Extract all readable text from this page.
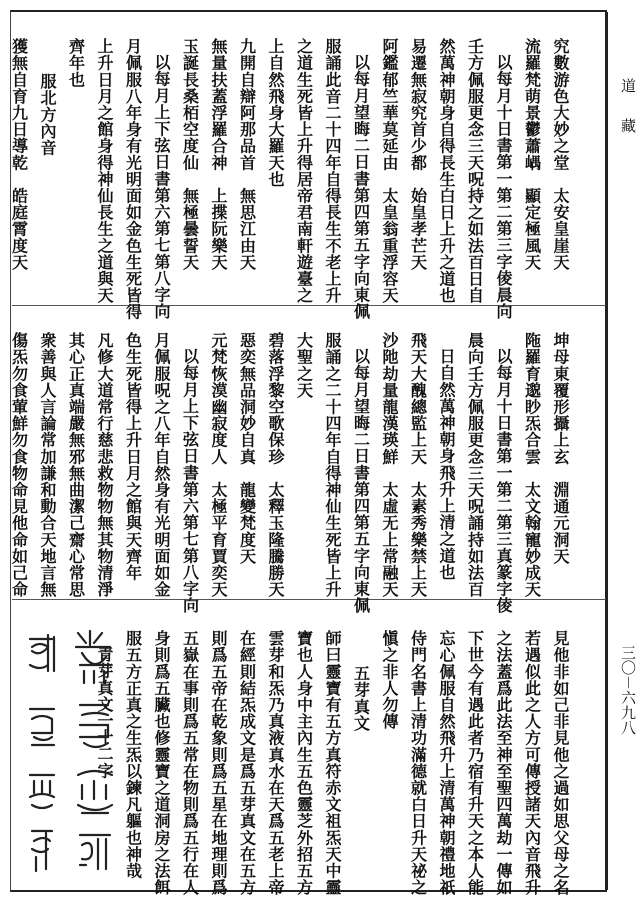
道
藏
三〇－六九八
究數游色大妙之堂　太安皇崖天
流羅梵萌景鬱蕭嵎　顯定極風天
以每月十日書第一第二第三字倰晨向
壬方佩服更念三天呪持之如法百日自
然萬神朝身自得長生白日上升之道也
易遷無寂究首少都　始皇孝芒天
阿鑑郁竺華莫延由　太皇翁重浮容天
以每月望晦二日書第四第五字向東佩
服誦此音二十四年自得長生不老上升
之道生死皆上升得居帝君南軒遊臺之
上自然飛身大羅天也
九開自辯阿那品首　無思江由天
無量扶蓋浮羅合神　上揲阮樂天
玉誕長桑栢空度仙　無極曇誓天
以每月上下弦日書第六第七第八字向
月佩服八年身有光明面如金色生死皆得
上升日月之館身得神仙長生之道與天
齊年也
服北方內音
獲無自育九日導乾　皓庭霄度天
坤母東覆形攝上玄　淵通元洞天
陁羅育邈眇炁合雲　太文翰寵妙成天
以每月十日書第一第二第三真篆字倰
晨向壬方佩服更念三天呪誦持如法百
日自然萬神朝身飛升上清之道也
飛天大醜總監上天　太素秀樂禁上天
沙阤劫量龍漢瑛鮮　太虛无上常融天
以每月望晦二日書第四第五字向東佩
服誦之二十四年自得神仙生死皆上升
大聖之天
碧落浮黎空歌保珍　太釋玉隆騰勝天
惡奕無品洞妙自真　龍變梵度天
元梵恢漠幽寂度人　太極平育賈奕天
以每月上下弦日書第六第七第八字向
月佩服呪之八年自然身有光明面如金
色生死皆得上升日月之館與天齊年
凡修大道常行慈悲救物物無其物清淨
其心正真端嚴無邪無曲潔己齋心常思
衆善與人言論常加謙和動合天地言無
傷炁勿食葷鮮勿食物命見他命如己命
見他非如己非見他之過如思父母之名
若遇似此之人方可傳授諸天內音飛升
之法蓋爲此法至神至聖四萬劫一傳如
下世今有遇此者乃宿有升天之本人能
忘心佩服自然飛升上清萬神朝禮地祇
侍門名書上清功滿德就白日升天祕之
愼之非人勿傳
五芽真文
師曰靈寶有五方真符赤文祖炁天中靈
寶也人身中主內生五色靈芝外招五方
雲芽和炁乃真液真水在天爲五老上帝
在經則結炁成文是爲五芽真文在五方
則爲五帝在乾象則爲五星在地理則爲
五嶽在事則爲五常在物則爲五行在人
身則爲五臟也修靈寶之道洞房之法餌
服五方正真之生炁以鍊凡軀也神哉
青芽真文一十二字
